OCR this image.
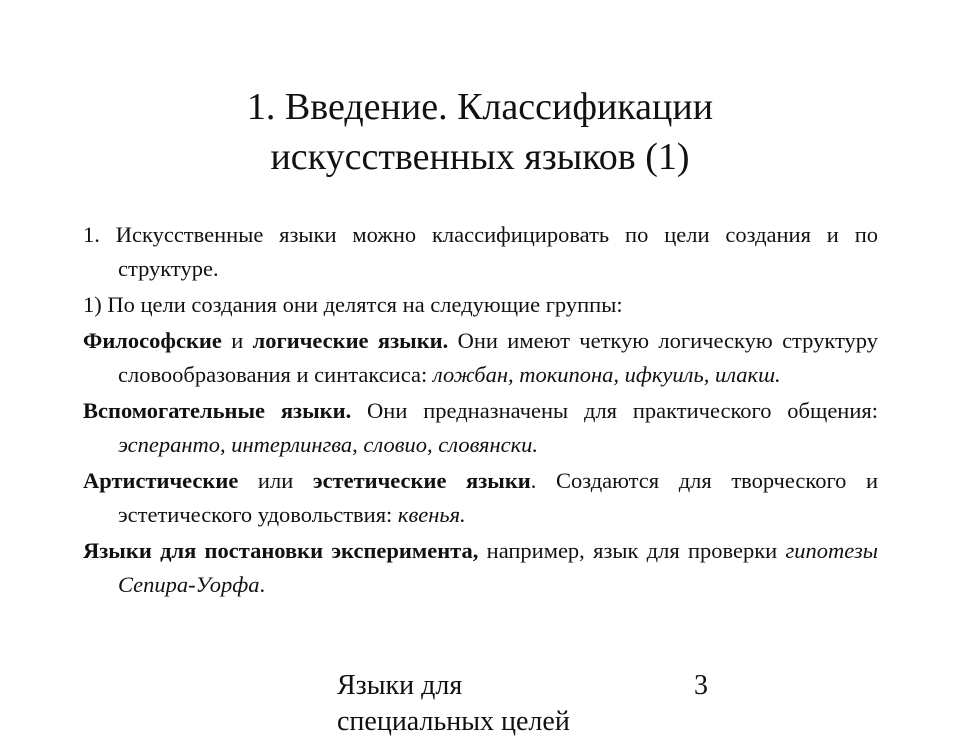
1. Введение. Классификации
искусственных языков (1)

1. Искусственные языки можно классифицировать по цели создания и по структуре.

1) По цели создания они делятся на следующие группы:

Философские и логические языки. Они имеют четкую логическую структуру словообразования и синтаксиса: ложбан, токипона, ифкуиль, илакш.

Вспомогательные языки. Они предназначены для практического общения: эсперанто, интерлингва, словио, словянски.

Артистические или эстетические языки. Создаются для творческого и эстетического удовольствия: квенья.

Языки для постановки эксперимента, например, язык для проверки гипотезы Сепира-Уорфа.

Языки для
специальных целей
3
